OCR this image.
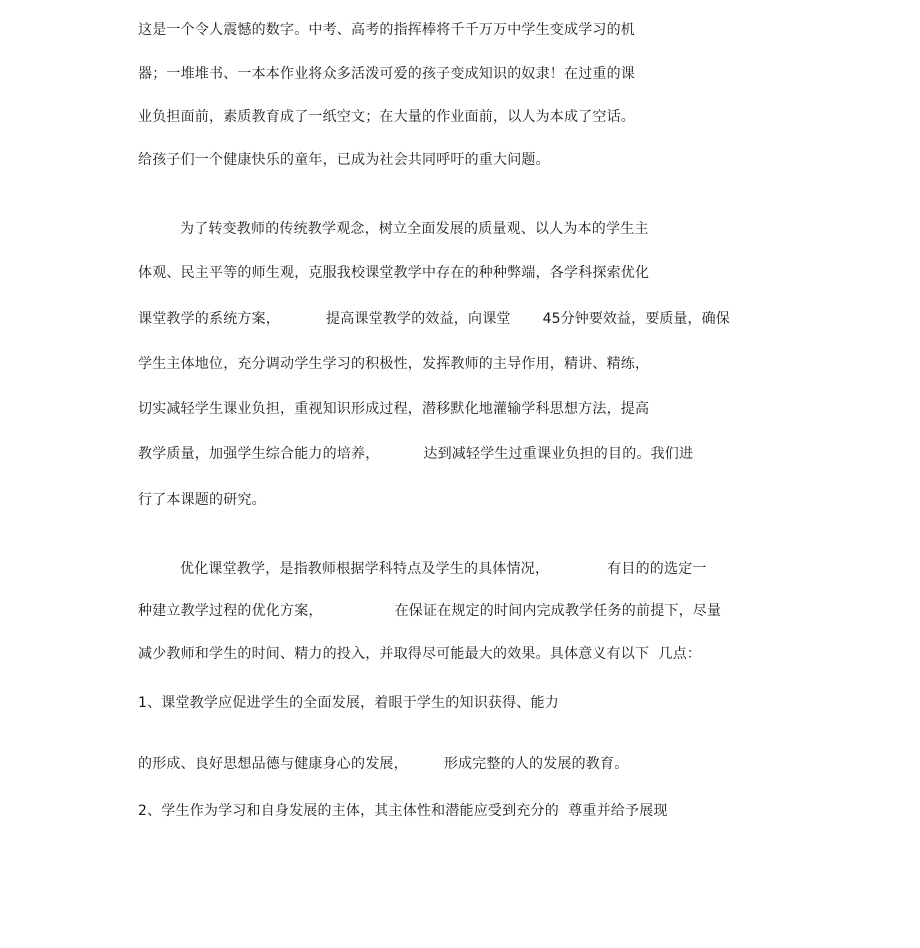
这是一个令人震憾的数字。中考、高考的指挥棒将千千万万中学生变成学习的机
器；一堆堆书、一本本作业将众多活泼可爱的孩子变成知识的奴隶！在过重的课
业负担面前，素质教育成了一纸空文；在大量的作业面前，以人为本成了空话。
给孩子们一个健康快乐的童年，已成为社会共同呼吁的重大问题。
为了转变教师的传统教学观念，树立全面发展的质量观、以人为本的学生主
体观、民主平等的师生观，克服我校课堂教学中存在的种种弊端，各学科探索优化
课堂教学的系统方案，	提高课堂教学的效益，向课堂 45分钟要效益，要质量，确保
学生主体地位，充分调动学生学习的积极性，发挥教师的主导作用，精讲、精练，
切实减轻学生课业负担，重视知识形成过程，潜移默化地灌输学科思想方法，提高
教学质量，加强学生综合能力的培养，	达到减轻学生过重课业负担的目的。我们进
行了本课题的研究。
优化课堂教学，是指教师根据学科特点及学生的具体情况，	有目的的选定一
种建立教学过程的优化方案，	在保证在规定的时间内完成教学任务的前提下，尽量
减少教师和学生的时间、精力的投入，并取得尽可能最大的效果。具体意义有以下  几点：
1、课堂教学应促进学生的全面发展，着眼于学生的知识获得、能力
的形成、良好思想品德与健康身心的发展，	形成完整的人的发展的教育。
2、学生作为学习和自身发展的主体，其主体性和潜能应受到充分的  尊重并给予展现
